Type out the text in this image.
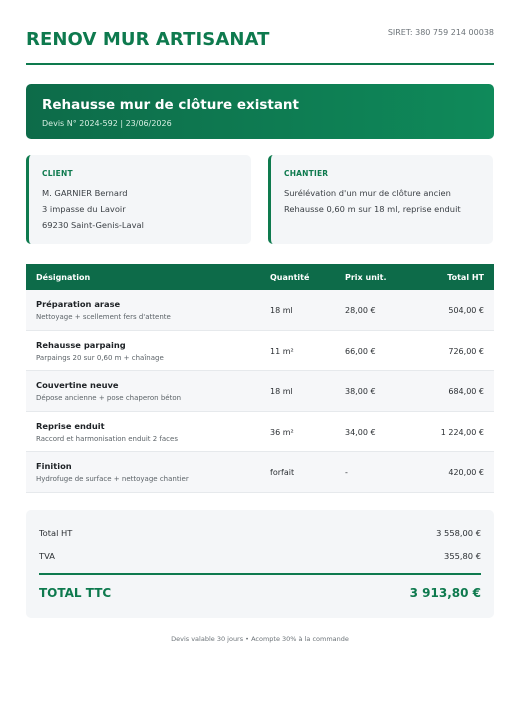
RENOV MUR ARTISANAT	SIRET: 380 759 214 00038
Rehausse mur de clôture existant
Devis N° 2024-592 | 23/06/2026
CLIENT
M. GARNIER Bernard
3 impasse du Lavoir
69230 Saint-Genis-Laval
CHANTIER
Surélévation d'un mur de clôture ancien
Rehausse 0,60 m sur 18 ml, reprise enduit
Désignation	Quantité	Prix unit.	Total HT
Préparation arase
Nettoyage + scellement fers d'attente
18 ml	28,00 €	504,00 €
Rehausse parpaing
Parpaings 20 sur 0,60 m + chaînage
11 m²	66,00 €	726,00 €
Couvertine neuve
Dépose ancienne + pose chaperon béton
18 ml	38,00 €	684,00 €
Reprise enduit
Raccord et harmonisation enduit 2 faces
36 m²	34,00 €	1 224,00 €
Finition
Hydrofuge de surface + nettoyage chantier
forfait	-	420,00 €
Total HT	3 558,00 €
TVA	355,80 €
TOTAL TTC	3 913,80 €
Devis valable 30 jours • Acompte 30% à la commande
